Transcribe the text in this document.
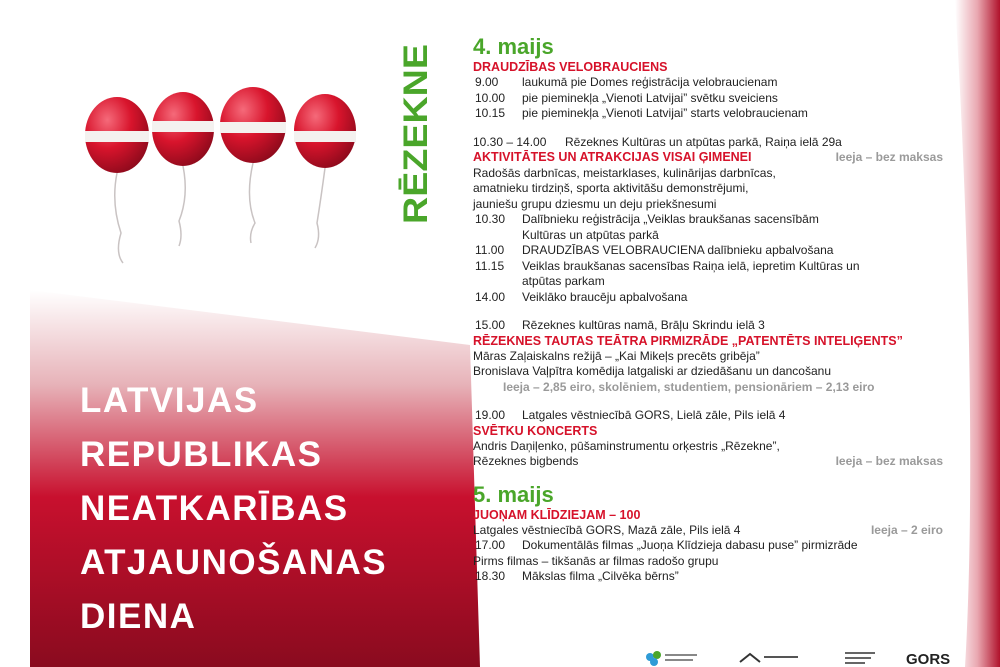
RĒZEKNE
LATVIJAS
REPUBLIKAS
NEATKARĪBAS
ATJAUNOŠANAS
DIENA
4. maijs
DRAUDZĪBAS VELOBRAUCIENS
9.00 laukumā pie Domes reģistrācija velobraucienam
10.00 pie pieminekļa „Vienoti Latvijai” svētku sveiciens
10.15 pie pieminekļa „Vienoti Latvijai” starts velobraucienam
10.30 – 14.00 Rēzeknes Kultūras un atpūtas parkā, Raiņa ielā 29a
AKTIVITĀTES UN ATRAKCIJAS VISAI ĢIMENEI	Ieeja – bez maksas
Radošās darbnīcas, meistarklases, kulinārijas darbnīcas,
amatnieku tirdziņš, sporta aktivitāšu demonstrējumi,
jauniešu grupu dziesmu un deju priekšnesumi
10.30 Dalībnieku reģistrācija „Veiklas braukšanas sacensībām
Kultūras un atpūtas parkā
11.00 DRAUDZĪBAS VELOBRAUCIENA dalībnieku apbalvošana
11.15 Veiklas braukšanas sacensības Raiņa ielā, iepretim Kultūras un
atpūtas parkam
14.00 Veiklāko braucēju apbalvošana
15.00 Rēzeknes kultūras namā, Brāļu Skrindu ielā 3
RĒZEKNES TAUTAS TEĀTRA PIRMIZRĀDE „PATENTĒTS INTELIĢENTS”
Māras Zaļaiskalns režijā – „Kai Mikeļs precēts gribēja”
Bronislava Vaļpītra komēdija latgaliski ar dziedāšanu un dancošanu
Ieeja – 2,85 eiro, skolēniem, studentiem, pensionāriem – 2,13 eiro
19.00 Latgales vēstniecībā GORS, Lielā zāle, Pils ielā 4
SVĒTKU KONCERTS
Andris Daņiļenko, pūšaminstrumentu orķestris „Rēzekne”,
Rēzeknes bigbends	Ieeja – bez maksas
5. maijs
JUOŅAM KLĪDZIEJAM – 100
Latgales vēstniecībā GORS, Mazā zāle, Pils ielā 4	Ieeja – 2 eiro
17.00 Dokumentālās filmas „Juoņa Klīdzieja dabasu puse” pirmizrāde
Pirms filmas – tikšanās ar filmas radošo grupu
18.30 Mākslas filma „Cilvēka bērns”
GORS
